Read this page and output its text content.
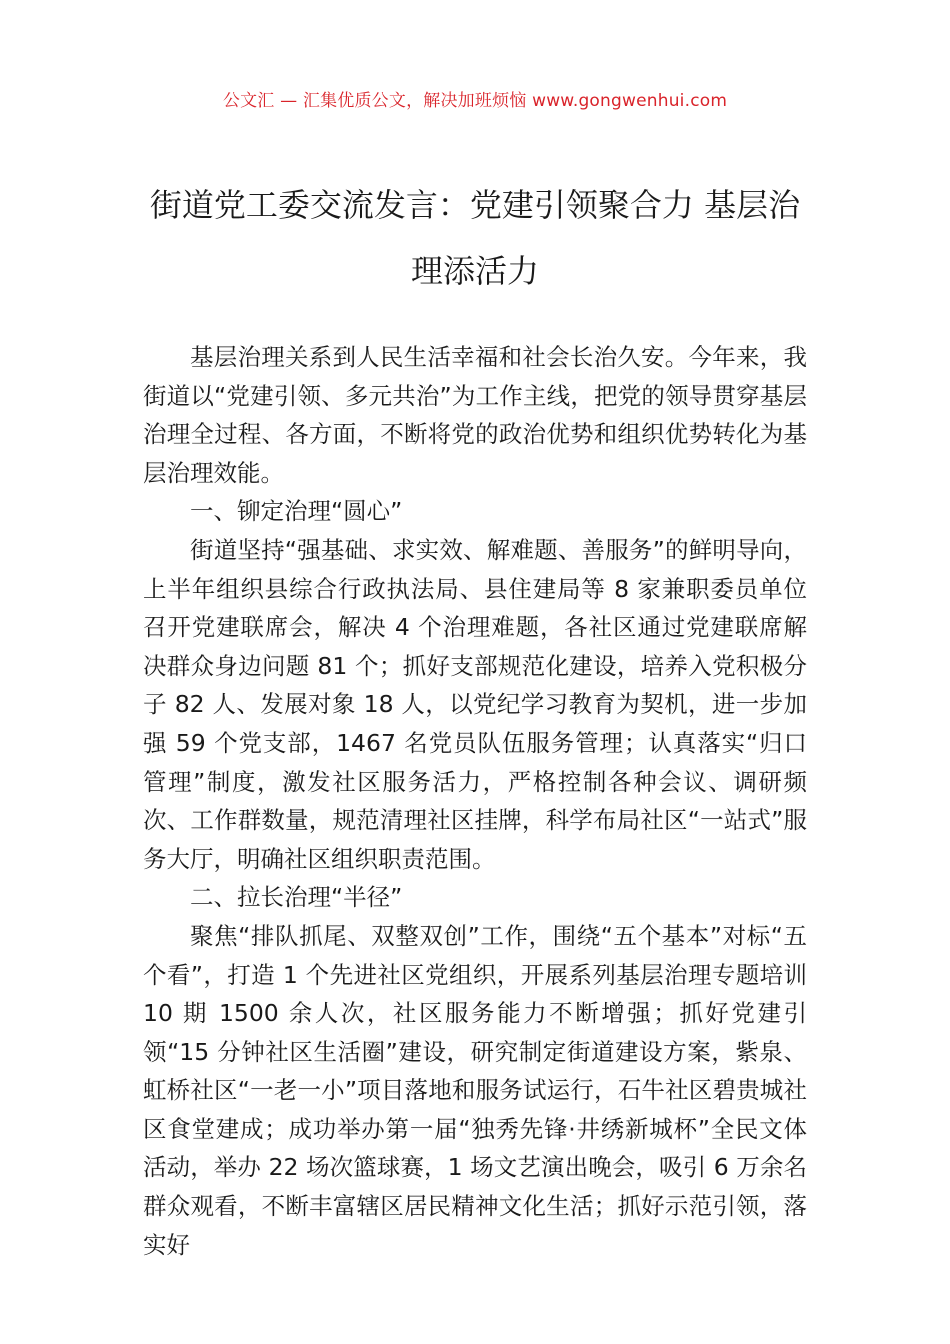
公文汇 — 汇集优质公文，解决加班烦恼 www.gongwenhui.com
街道党工委交流发言：党建引领聚合力 基层治理添活力

基层治理关系到人民生活幸福和社会长治久安。今年来，我街道以“党建引领、多元共治”为工作主线，把党的领导贯穿基层治理全过程、各方面，不断将党的政治优势和组织优势转化为基层治理效能。

一、铆定治理“圆心”

街道坚持“强基础、求实效、解难题、善服务”的鲜明导向，上半年组织县综合行政执法局、县住建局等 8 家兼职委员单位召开党建联席会，解决 4 个治理难题，各社区通过党建联席解决群众身边问题 81 个；抓好支部规范化建设，培养入党积极分子 82 人、发展对象 18 人，以党纪学习教育为契机，进一步加强 59 个党支部，1467 名党员队伍服务管理；认真落实“归口管理”制度，激发社区服务活力，严格控制各种会议、调研频次、工作群数量，规范清理社区挂牌，科学布局社区“一站式”服务大厅，明确社区组织职责范围。

二、拉长治理“半径”

聚焦“排队抓尾、双整双创”工作，围绕“五个基本”对标“五个看”，打造 1 个先进社区党组织，开展系列基层治理专题培训 10 期 1500 余人次，社区服务能力不断增强；抓好党建引领“15 分钟社区生活圈”建设，研究制定街道建设方案，紫泉、虹桥社区“一老一小”项目落地和服务试运行，石牛社区碧贵城社区食堂建成；成功举办第一届“独秀先锋·井绣新城杯”全民文体活动，举办 22 场次篮球赛，1 场文艺演出晚会，吸引 6 万余名群众观看，不断丰富辖区居民精神文化生活；抓好示范引领，落实好
